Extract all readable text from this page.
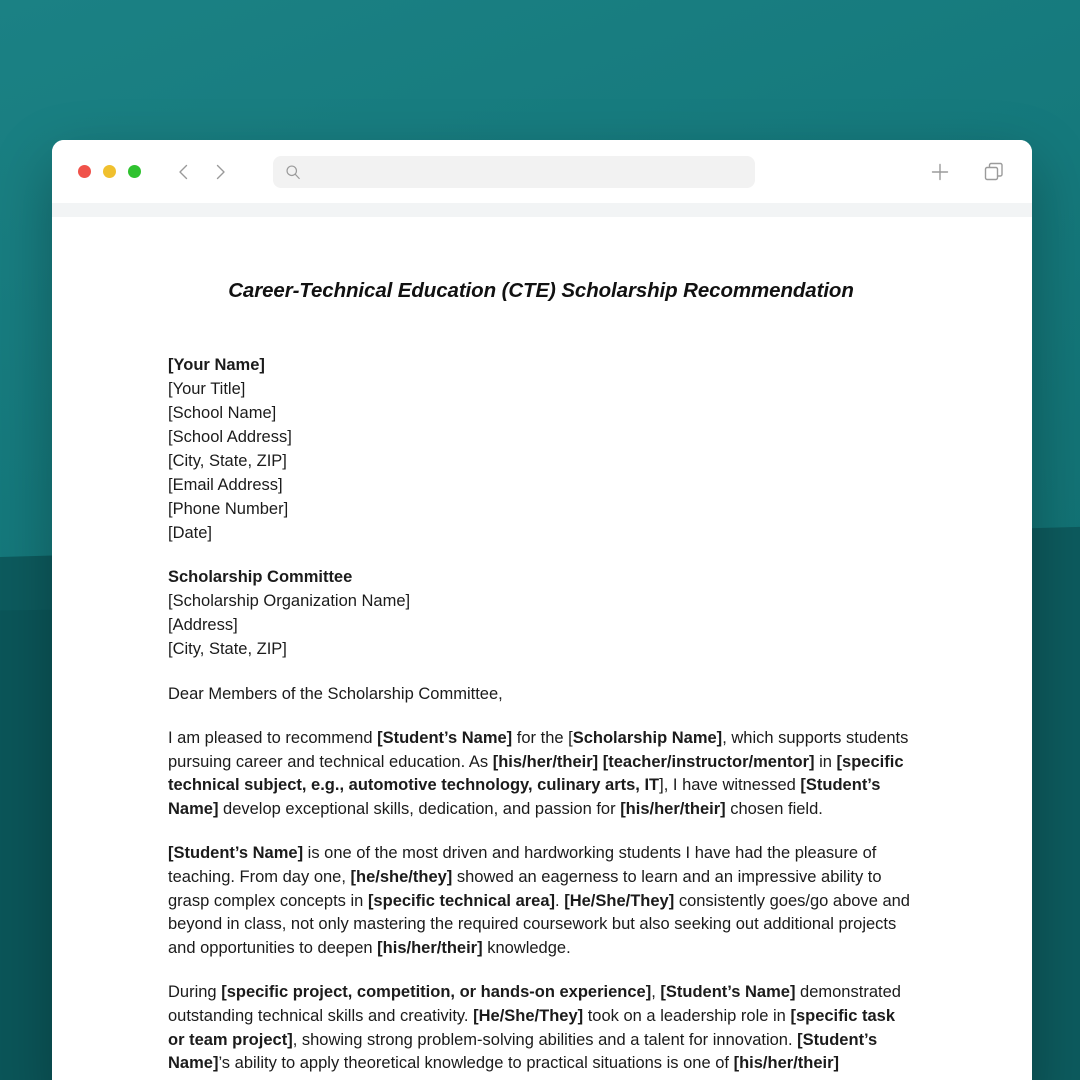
Career-Technical Education (CTE) Scholarship Recommendation
[Your Name]
[Your Title]
[School Name]
[School Address]
[City, State, ZIP]
[Email Address]
[Phone Number]
[Date]
Scholarship Committee
[Scholarship Organization Name]
[Address]
[City, State, ZIP]
Dear Members of the Scholarship Committee,

I am pleased to recommend [Student’s Name] for the [Scholarship Name], which supports students pursuing career and technical education. As [his/her/their] [teacher/instructor/mentor] in [specific technical subject, e.g., automotive technology, culinary arts, IT], I have witnessed [Student’s Name] develop exceptional skills, dedication, and passion for [his/her/their] chosen field.

[Student’s Name] is one of the most driven and hardworking students I have had the pleasure of teaching. From day one, [he/she/they] showed an eagerness to learn and an impressive ability to grasp complex concepts in [specific technical area]. [He/She/They] consistently goes/go above and beyond in class, not only mastering the required coursework but also seeking out additional projects and opportunities to deepen [his/her/their] knowledge.

During [specific project, competition, or hands-on experience], [Student’s Name] demonstrated outstanding technical skills and creativity. [He/She/They] took on a leadership role in [specific task or team project], showing strong problem-solving abilities and a talent for innovation. [Student’s Name]’s ability to apply theoretical knowledge to practical situations is one of [his/her/their]
